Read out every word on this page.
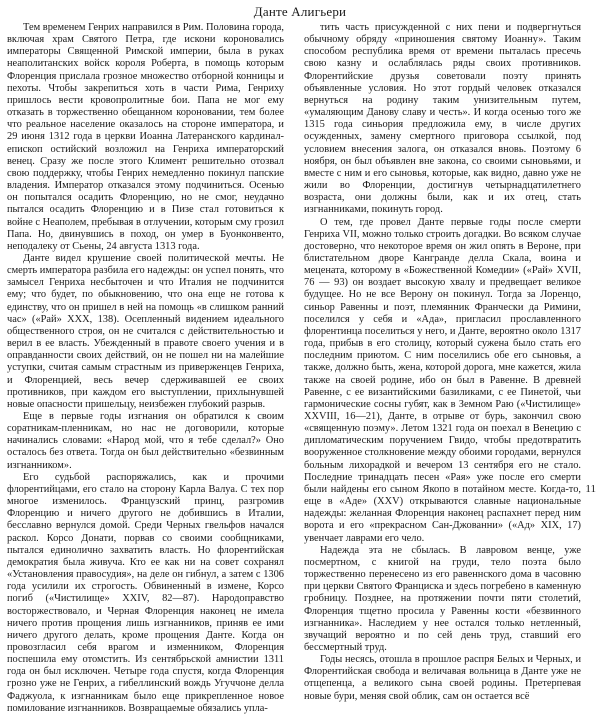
Данте Алигьери

Тем временем Генрих направился в Рим. Половина города, включая храм Святого Петра, где искони короновались императоры Священной Римской империи, была в руках неаполитанских войск короля Роберта, в помощь которым Флоренция прислала грозное множество отборной конницы и пехоты. Чтобы закрепиться хоть в части Рима, Генриху пришлось вести кровопролитные бои. Папа не мог ему отказать в торжественно обещанном короновании, тем более что реальное население оказалось на стороне императора, и 29 июня 1312 года в церкви Иоанна Латеранского кардинал-епископ остийский возложил на Генриха императорский венец. Сразу же после этого Климент решительно отозвал свою поддержку, чтобы Генрих немедленно покинул папские владения. Император отказался этому подчиниться. Осенью он попытался осадить Флоренцию, но не смог, неудачно пытался осадить Флоренцию и в Пизе стал готовиться к войне с Неаполем, пребывая в отлучении, которым сму грозил Папа. Но, двинувшись в поход, он умер в Буонконвенто, неподалеку от Сьены, 24 августа 1313 года.

Данте видел крушение своей политической мечты. Не смерть императора разбила его надежды: он успел понять, что замысел Генриха несбыточен и что Италия не подчинится ему; что будет, по обыкновению, что она еще не готова к единству, что он пришел в ней на помощь «в слишком ранний час» («Рай» XXX, 138). Осепленный видением идеального общественного строя, он не считался с действительностью и верил в ее власть. Убежденный в правоте своего учения и в оправданности своих действий, он не пошел ни на малейшие уступки, считая самым страстным из приверженцев Генриха, и Флоренцией, весь вечер сдерживавшей ее своих противников, при каждом его выступлении, прихлынувшей новые опасности пришельцу, неизбежен глубокий разрыв.

Еще в первые годы изгнания он обратился к своим соратникам-пленникам, но нас не договорили, которые начинались словами: «Народ мой, что я тебе сделал?» Оно осталось без ответа. Тогда он был действительно «безвинным изгнанником».

Его судьбой распоряжались, как и прочими флорентийцами, его стало на сторону Карла Валуа. С тех пор многое изменилось. Французский принц, разгромив Флоренцию и ничего другого не добившись в Италии, бесславно вернулся домой. Среди Черных гвельфов начался раскол. Корсо Донати, порвав со своими сообщниками, пытался единолично захватить власть. Но флорентийская демократия была живуча. Кто ее как ни на совет сохранял «Установления правосудия», на деле он гибнул, а затем с 1306 года усилили их строгость. Обвиненный в измене, Корсо погиб («Чистилище» XXIV, 82—87). Народоправство восторжествовало, и Черная Флоренция наконец не имела ничего против прощения лишь изгнанников, приняв ее ими ничего другого делать, кроме прощения Данте. Когда он провозгласил себя врагом и изменником, Флоренция поспешила ему отомстить. Из сентябрьской амнистии 1311 года он был исключен. Четыре года спустя, когда Флоренция грозно уже не Генрих, а гибеллинский вождь Угуччоне делла Фаджуола, к изгнанникам было еще прикрепленное новое помилование изгнанников. Возвращаемые обязались упла-

тить часть присужденной с них пени и подвергнуться обычному обряду «приношения святому Иоанну». Таким способом республика время от времени пыталась пресечь свою казну и ослаблялась ряды своих противников. Флорентийские друзья советовали поэту принять объявленные условия. Но этот гордый человек отказался вернуться на родину таким унизительным путем, «умаляющим Данову славу и честь». И когда осенью того же 1315 года синьория предложила ему, в числе других осужденных, замену смертного приговора ссылкой, под условием внесения залога, он отказался вновь. Поэтому 6 ноября, он был объявлен вне закона, со своими сыновьями, и вместе с ним и его сыновья, которые, как видно, давно уже не жили во Флоренции, достигнув четырнадцатилетнего возраста, они должны были, как и их отец, стать изгнанниками, покинуть город.

О тем, где провел Данте первые годы после смерти Генриха VII, можно только строить догадки. Во всяком случае достоверно, что некоторое время он жил опять в Вероне, при блистательном дворе Кангранде делла Скала, воина и мецената, которому в «Божественной Комедии» («Рай» XVII, 76 — 93) он воздает высокую хвалу и предвещает великое будущее. Но не все Верону он покинул. Тогда за Лоренцо, синьор Равенны и поэт, племянник Франчески да Римини, поселился у себя и «Ада», пригласил прославленного флорентинца поселиться у него, и Данте, вероятно около 1317 года, прибыв в его столицу, который сужена было стать его последним приютом. С ним поселились обе его сыновья, а также, должно быть, жена, которой дорога, мне кажется, жила также на своей родине, ибо он был в Равенне. В древней Равенне, с ее византийскими базиликами, с ее Пинетой, чьи гармонические сосны губят, как в Земном Раю («Чистилище» XXVIII, 16—21), Данте, в отрыве от бурь, закончил свою «священную поэму». Летом 1321 года он поехал в Венецию с дипломатическим поручением Гвидо, чтобы предотвратить вооруженное столкновение между обоими городами, вернулся больным лихорадкой и вечером 13 сентября его не стало. Последние тринадцать песен «Рая» уже после его смерти были найдены его сыном Якопо в потайном месте. Когда-то, еще в «Аде» (XXV) открываются славные национальные надежды: желанная Флоренция наконец распахнет перед ним ворота и его «прекрасном Сан-Джованни» («Ад» XIX, 17) увенчает лаврами его чело.

Надежда эта не сбылась. В лавровом венце, уже посмертном, с книгой на груди, тело поэта было торжественно перенесено из его равеннского дома в часовню при церкви Святого Франциска и здесь погребено в каменную гробницу. Позднее, на протяжении почти пяти столетий, Флоренция тщетно просила у Равенны кости «безвинного изгнанника». Наследием у нее остался только нетленный, звучащий вероятно и по сей день труд, ставший его бессмертный труд.

Годы несясь, отошла в прошлое распря Белых и Черных, и Флорентийская свобода и величавая вольница в Данте уже не отщепенца, а великого сына своей родины. Претерпевая новые бури, меняя свой облик, сам он остается всё

11
